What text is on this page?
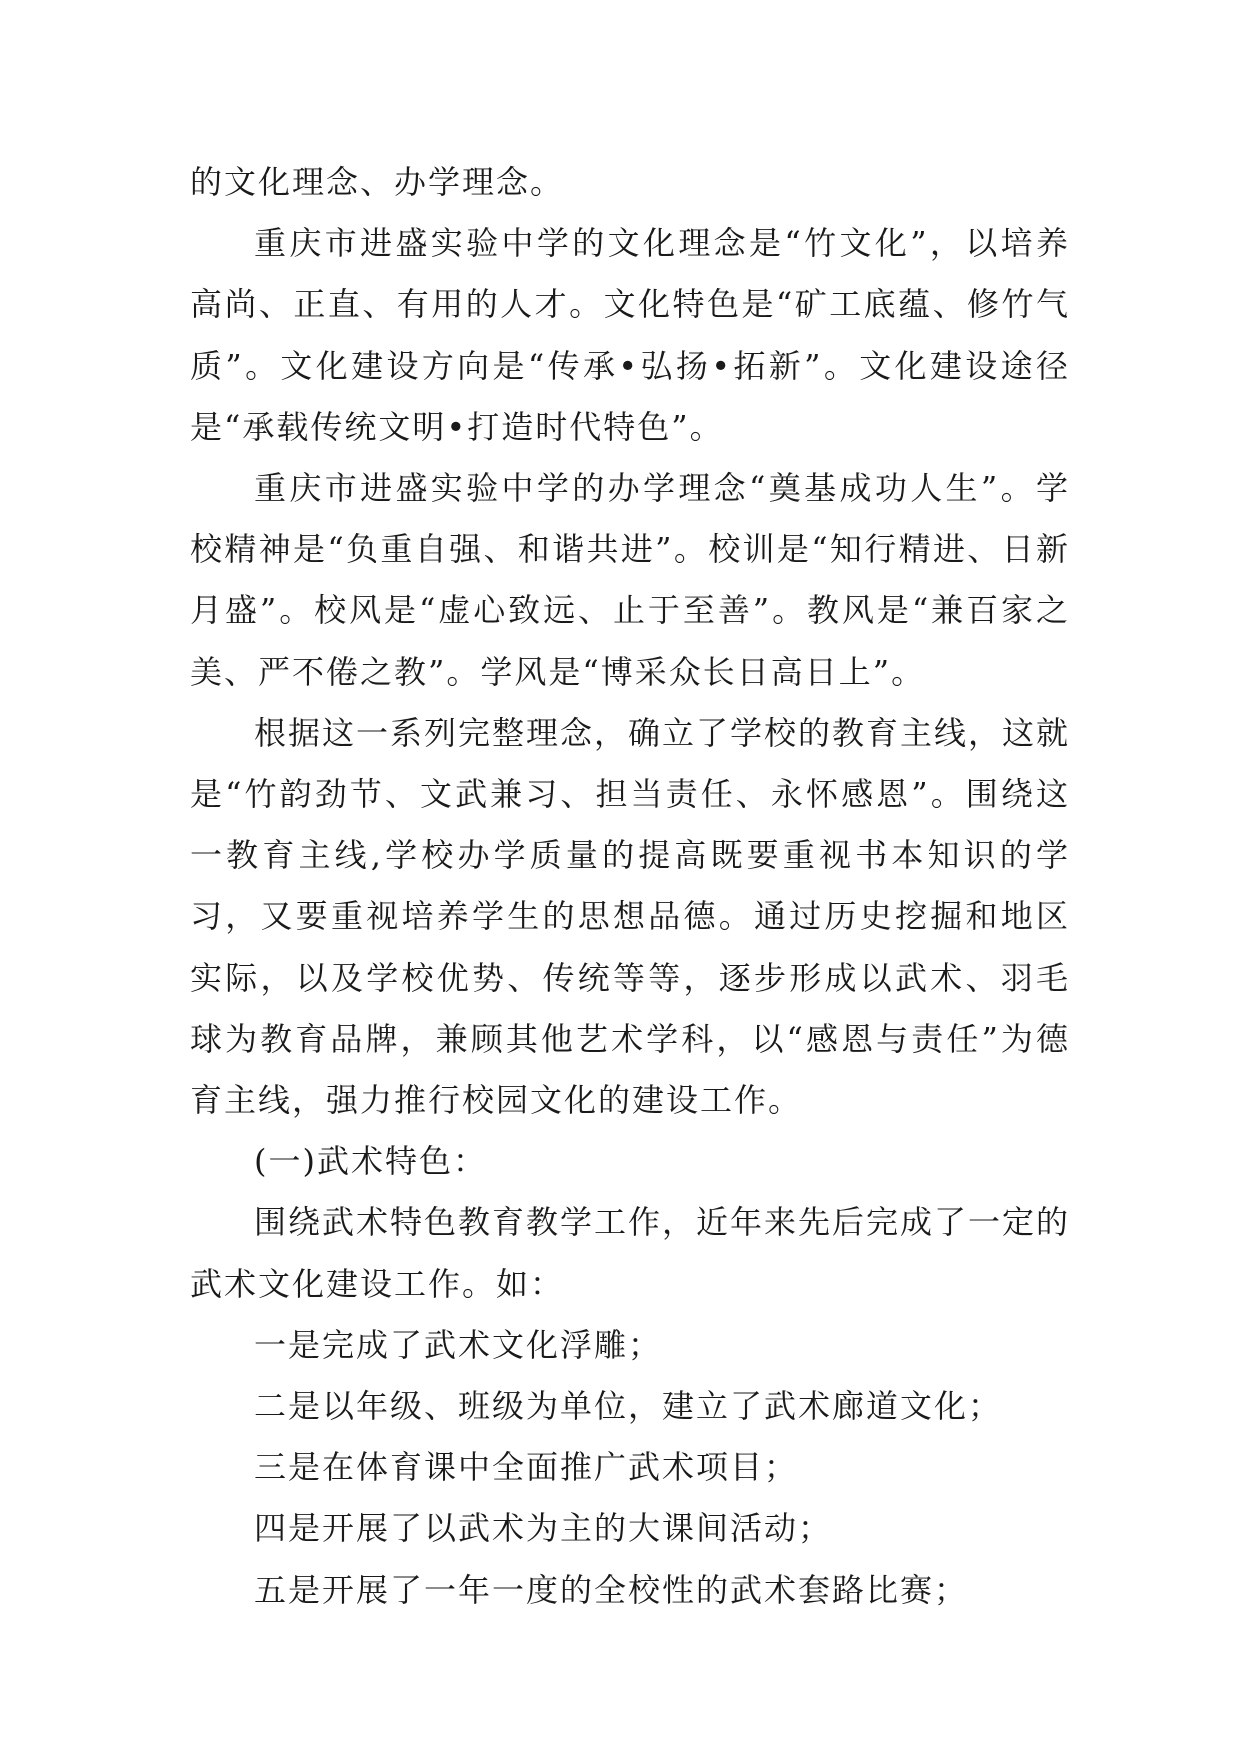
的文化理念、办学理念。

重庆市进盛实验中学的文化理念是“竹文化”，以培养高尚、正直、有用的人才。文化特色是“矿工底蕴、修竹气质”。文化建设方向是“传承•弘扬•拓新”。文化建设途径是“承载传统文明•打造时代特色”。

重庆市进盛实验中学的办学理念“奠基成功人生”。学校精神是“负重自强、和谐共进”。校训是“知行精进、日新月盛”。校风是“虚心致远、止于至善”。教风是“兼百家之美、严不倦之教”。学风是“博采众长日高日上”。

根据这一系列完整理念，确立了学校的教育主线，这就是“竹韵劲节、文武兼习、担当责任、永怀感恩”。围绕这一教育主线,学校办学质量的提高既要重视书本知识的学习，又要重视培养学生的思想品德。通过历史挖掘和地区实际，以及学校优势、传统等等，逐步形成以武术、羽毛球为教育品牌，兼顾其他艺术学科，以“感恩与责任”为德育主线，强力推行校园文化的建设工作。

(一)武术特色：

围绕武术特色教育教学工作，近年来先后完成了一定的武术文化建设工作。如：

一是完成了武术文化浮雕；

二是以年级、班级为单位，建立了武术廊道文化；

三是在体育课中全面推广武术项目；

四是开展了以武术为主的大课间活动；

五是开展了一年一度的全校性的武术套路比赛；
